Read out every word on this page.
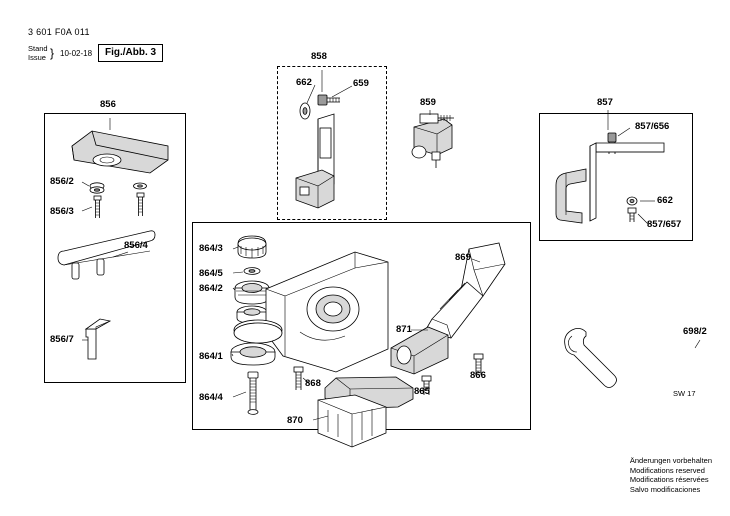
3 601 F0A 011
Stand
Issue } 10-02-18	Fig./Abb. 3
856
856/2
856/3
856/4
856/7
858
662	659
859	857
857/656
662
857/657
864/3
864/5
864/2
864/1
864/4
868
870
865
866
871
869
698/2
SW 17
Änderungen vorbehalten
Modifications reserved
Modifications réservées
Salvo modificaciones
